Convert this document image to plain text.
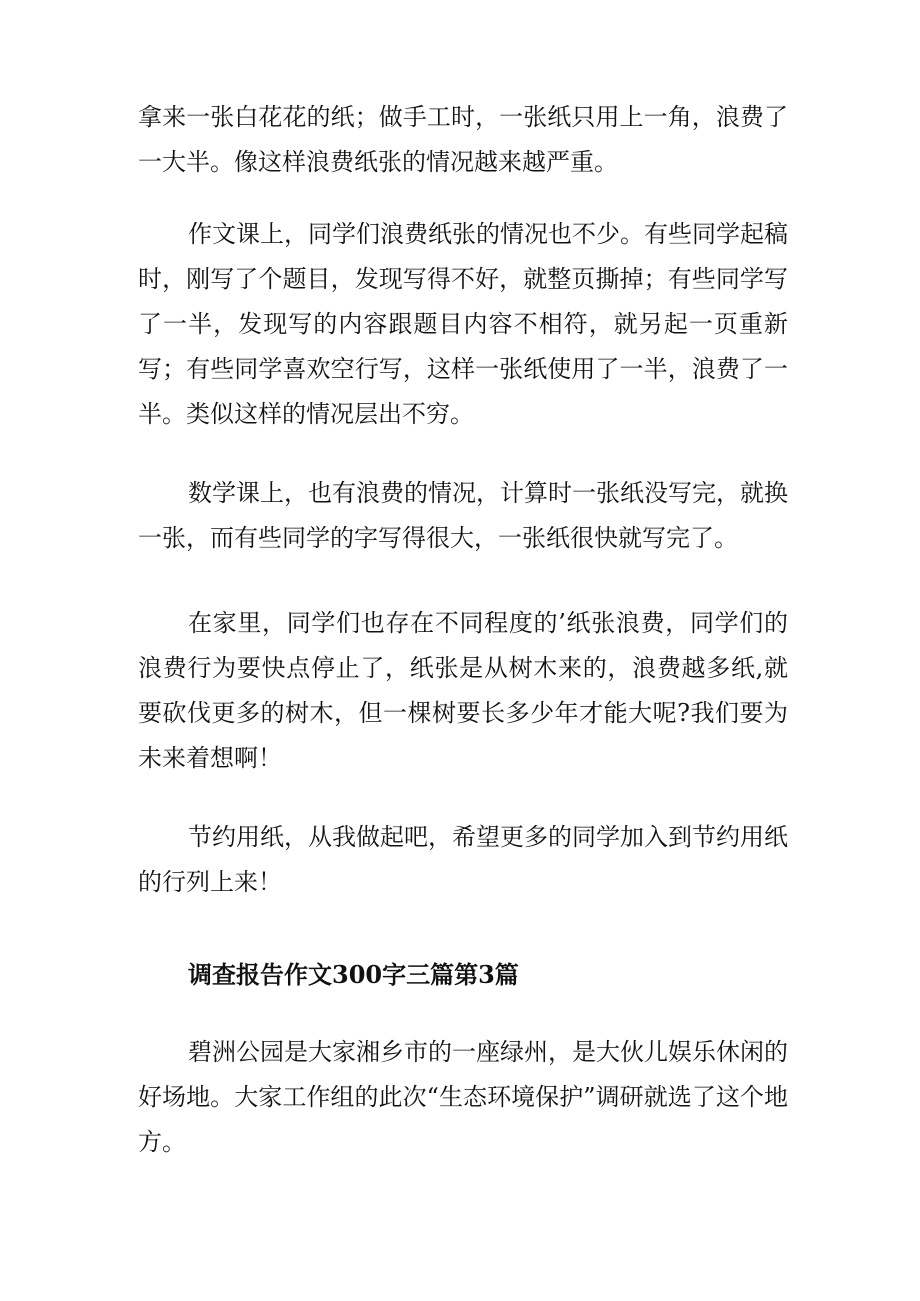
拿来一张白花花的纸；做手工时，一张纸只用上一角，浪费了一大半。像这样浪费纸张的情况越来越严重。

作文课上，同学们浪费纸张的情况也不少。有些同学起稿时，刚写了个题目，发现写得不好，就整页撕掉；有些同学写了一半，发现写的内容跟题目内容不相符，就另起一页重新写；有些同学喜欢空行写，这样一张纸使用了一半，浪费了一半。类似这样的情况层出不穷。

数学课上，也有浪费的情况，计算时一张纸没写完，就换一张，而有些同学的字写得很大，一张纸很快就写完了。

在家里，同学们也存在不同程度的’纸张浪费，同学们的浪费行为要快点停止了，纸张是从树木来的，浪费越多纸,就要砍伐更多的树木，但一棵树要长多少年才能大呢?我们要为未来着想啊！

节约用纸，从我做起吧，希望更多的同学加入到节约用纸的行列上来！

调查报告作文300字三篇第3篇

碧洲公园是大家湘乡市的一座绿州，是大伙儿娱乐休闲的好场地。大家工作组的此次“生态环境保护”调研就选了这个地方。
